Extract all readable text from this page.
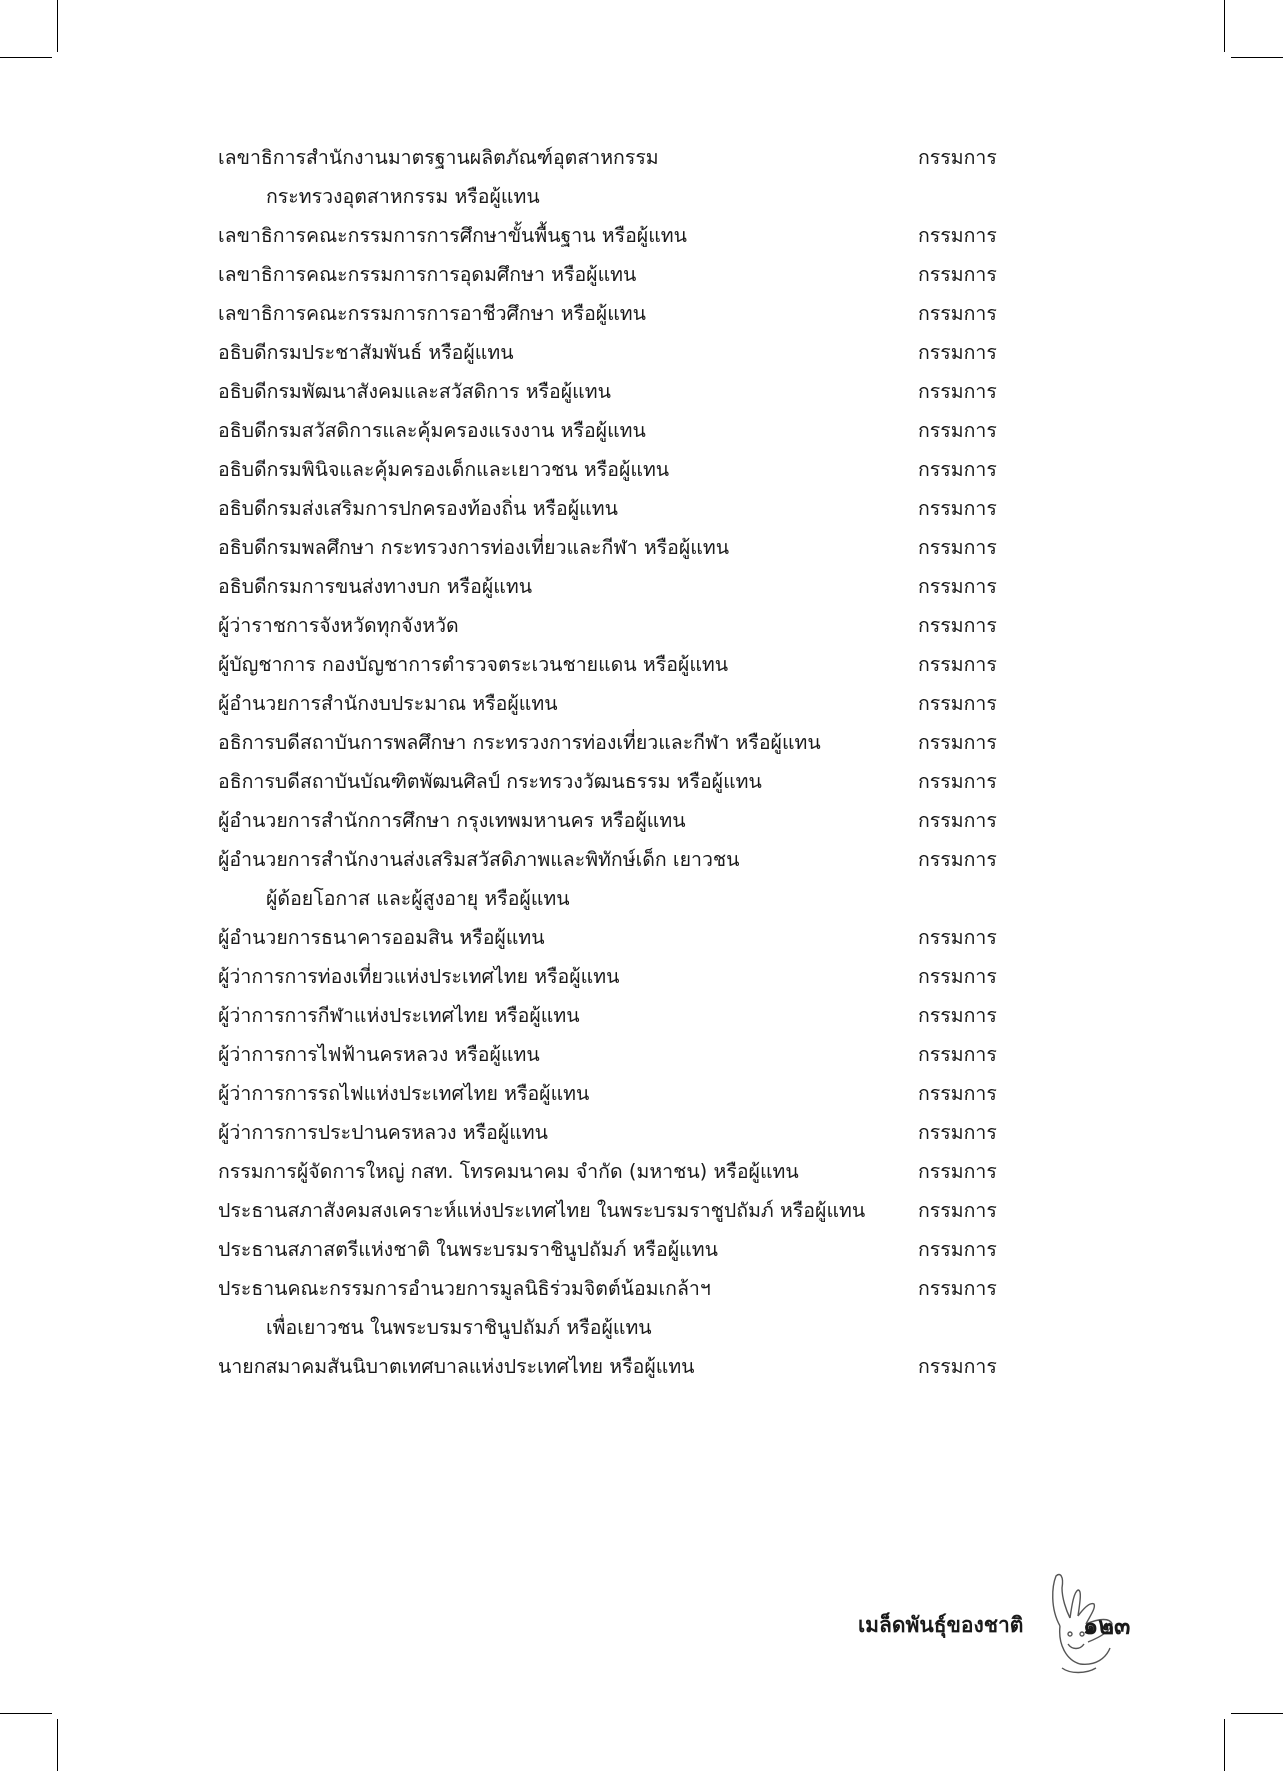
เลขาธิการสำนักงานมาตรฐานผลิตภัณฑ์อุตสาหกรรม	กรรมการ
กระทรวงอุตสาหกรรม หรือผู้แทน
เลขาธิการคณะกรรมการการศึกษาขั้นพื้นฐาน หรือผู้แทน	กรรมการ
เลขาธิการคณะกรรมการการอุดมศึกษา หรือผู้แทน	กรรมการ
เลขาธิการคณะกรรมการการอาชีวศึกษา หรือผู้แทน	กรรมการ
อธิบดีกรมประชาสัมพันธ์ หรือผู้แทน	กรรมการ
อธิบดีกรมพัฒนาสังคมและสวัสดิการ หรือผู้แทน	กรรมการ
อธิบดีกรมสวัสดิการและคุ้มครองแรงงาน หรือผู้แทน	กรรมการ
อธิบดีกรมพินิจและคุ้มครองเด็กและเยาวชน หรือผู้แทน	กรรมการ
อธิบดีกรมส่งเสริมการปกครองท้องถิ่น หรือผู้แทน	กรรมการ
อธิบดีกรมพลศึกษา กระทรวงการท่องเที่ยวและกีฬา หรือผู้แทน	กรรมการ
อธิบดีกรมการขนส่งทางบก หรือผู้แทน	กรรมการ
ผู้ว่าราชการจังหวัดทุกจังหวัด	กรรมการ
ผู้บัญชาการ กองบัญชาการตำรวจตระเวนชายแดน หรือผู้แทน	กรรมการ
ผู้อำนวยการสำนักงบประมาณ หรือผู้แทน	กรรมการ
อธิการบดีสถาบันการพลศึกษา กระทรวงการท่องเที่ยวและกีฬา หรือผู้แทน	กรรมการ
อธิการบดีสถาบันบัณฑิตพัฒนศิลป์ กระทรวงวัฒนธรรม หรือผู้แทน	กรรมการ
ผู้อำนวยการสำนักการศึกษา กรุงเทพมหานคร หรือผู้แทน	กรรมการ
ผู้อำนวยการสำนักงานส่งเสริมสวัสดิภาพและพิทักษ์เด็ก เยาวชน	กรรมการ
ผู้ด้อยโอกาส และผู้สูงอายุ หรือผู้แทน
ผู้อำนวยการธนาคารออมสิน หรือผู้แทน	กรรมการ
ผู้ว่าการการท่องเที่ยวแห่งประเทศไทย หรือผู้แทน	กรรมการ
ผู้ว่าการการกีฬาแห่งประเทศไทย หรือผู้แทน	กรรมการ
ผู้ว่าการการไฟฟ้านครหลวง หรือผู้แทน	กรรมการ
ผู้ว่าการการรถไฟแห่งประเทศไทย หรือผู้แทน	กรรมการ
ผู้ว่าการการประปานครหลวง หรือผู้แทน	กรรมการ
กรรมการผู้จัดการใหญ่ กสท. โทรคมนาคม จำกัด (มหาชน) หรือผู้แทน	กรรมการ
ประธานสภาสังคมสงเคราะห์แห่งประเทศไทย ในพระบรมราชูปถัมภ์ หรือผู้แทน	กรรมการ
ประธานสภาสตรีแห่งชาติ ในพระบรมราชินูปถัมภ์ หรือผู้แทน	กรรมการ
ประธานคณะกรรมการอำนวยการมูลนิธิร่วมจิตต์น้อมเกล้าฯ	กรรมการ
เพื่อเยาวชน ในพระบรมราชินูปถัมภ์ หรือผู้แทน
นายกสมาคมสันนิบาตเทศบาลแห่งประเทศไทย หรือผู้แทน	กรรมการ
เมล็ดพันธุ์ของชาติ ๑๒๓
